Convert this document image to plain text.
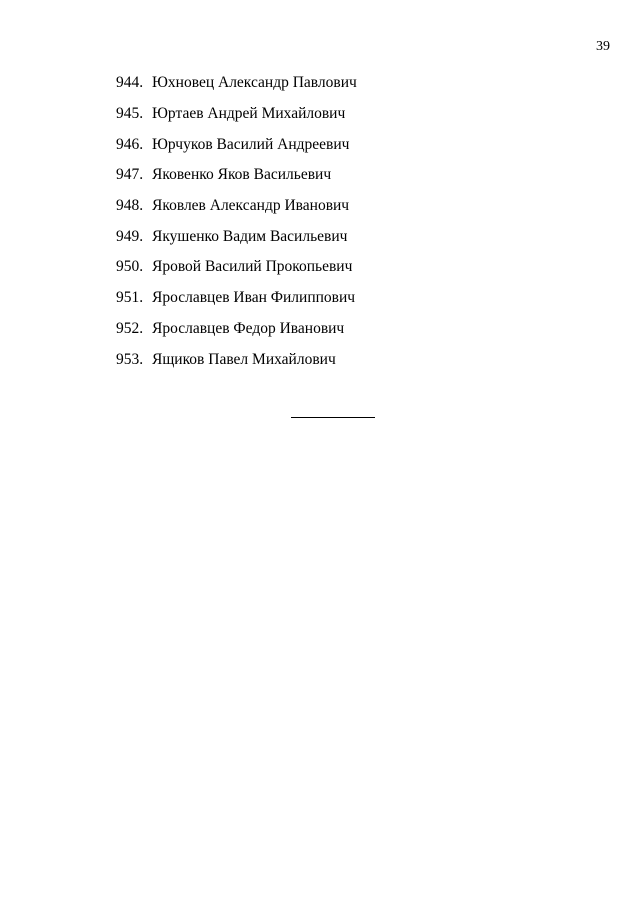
39
944. Юхновец Александр Павлович
945. Юртаев Андрей Михайлович
946. Юрчуков Василий Андреевич
947. Яковенко Яков Васильевич
948. Яковлев Александр Иванович
949. Якушенко Вадим Васильевич
950. Яровой Василий Прокопьевич
951. Ярославцев Иван Филиппович
952. Ярославцев Федор Иванович
953. Ящиков Павел Михайлович
